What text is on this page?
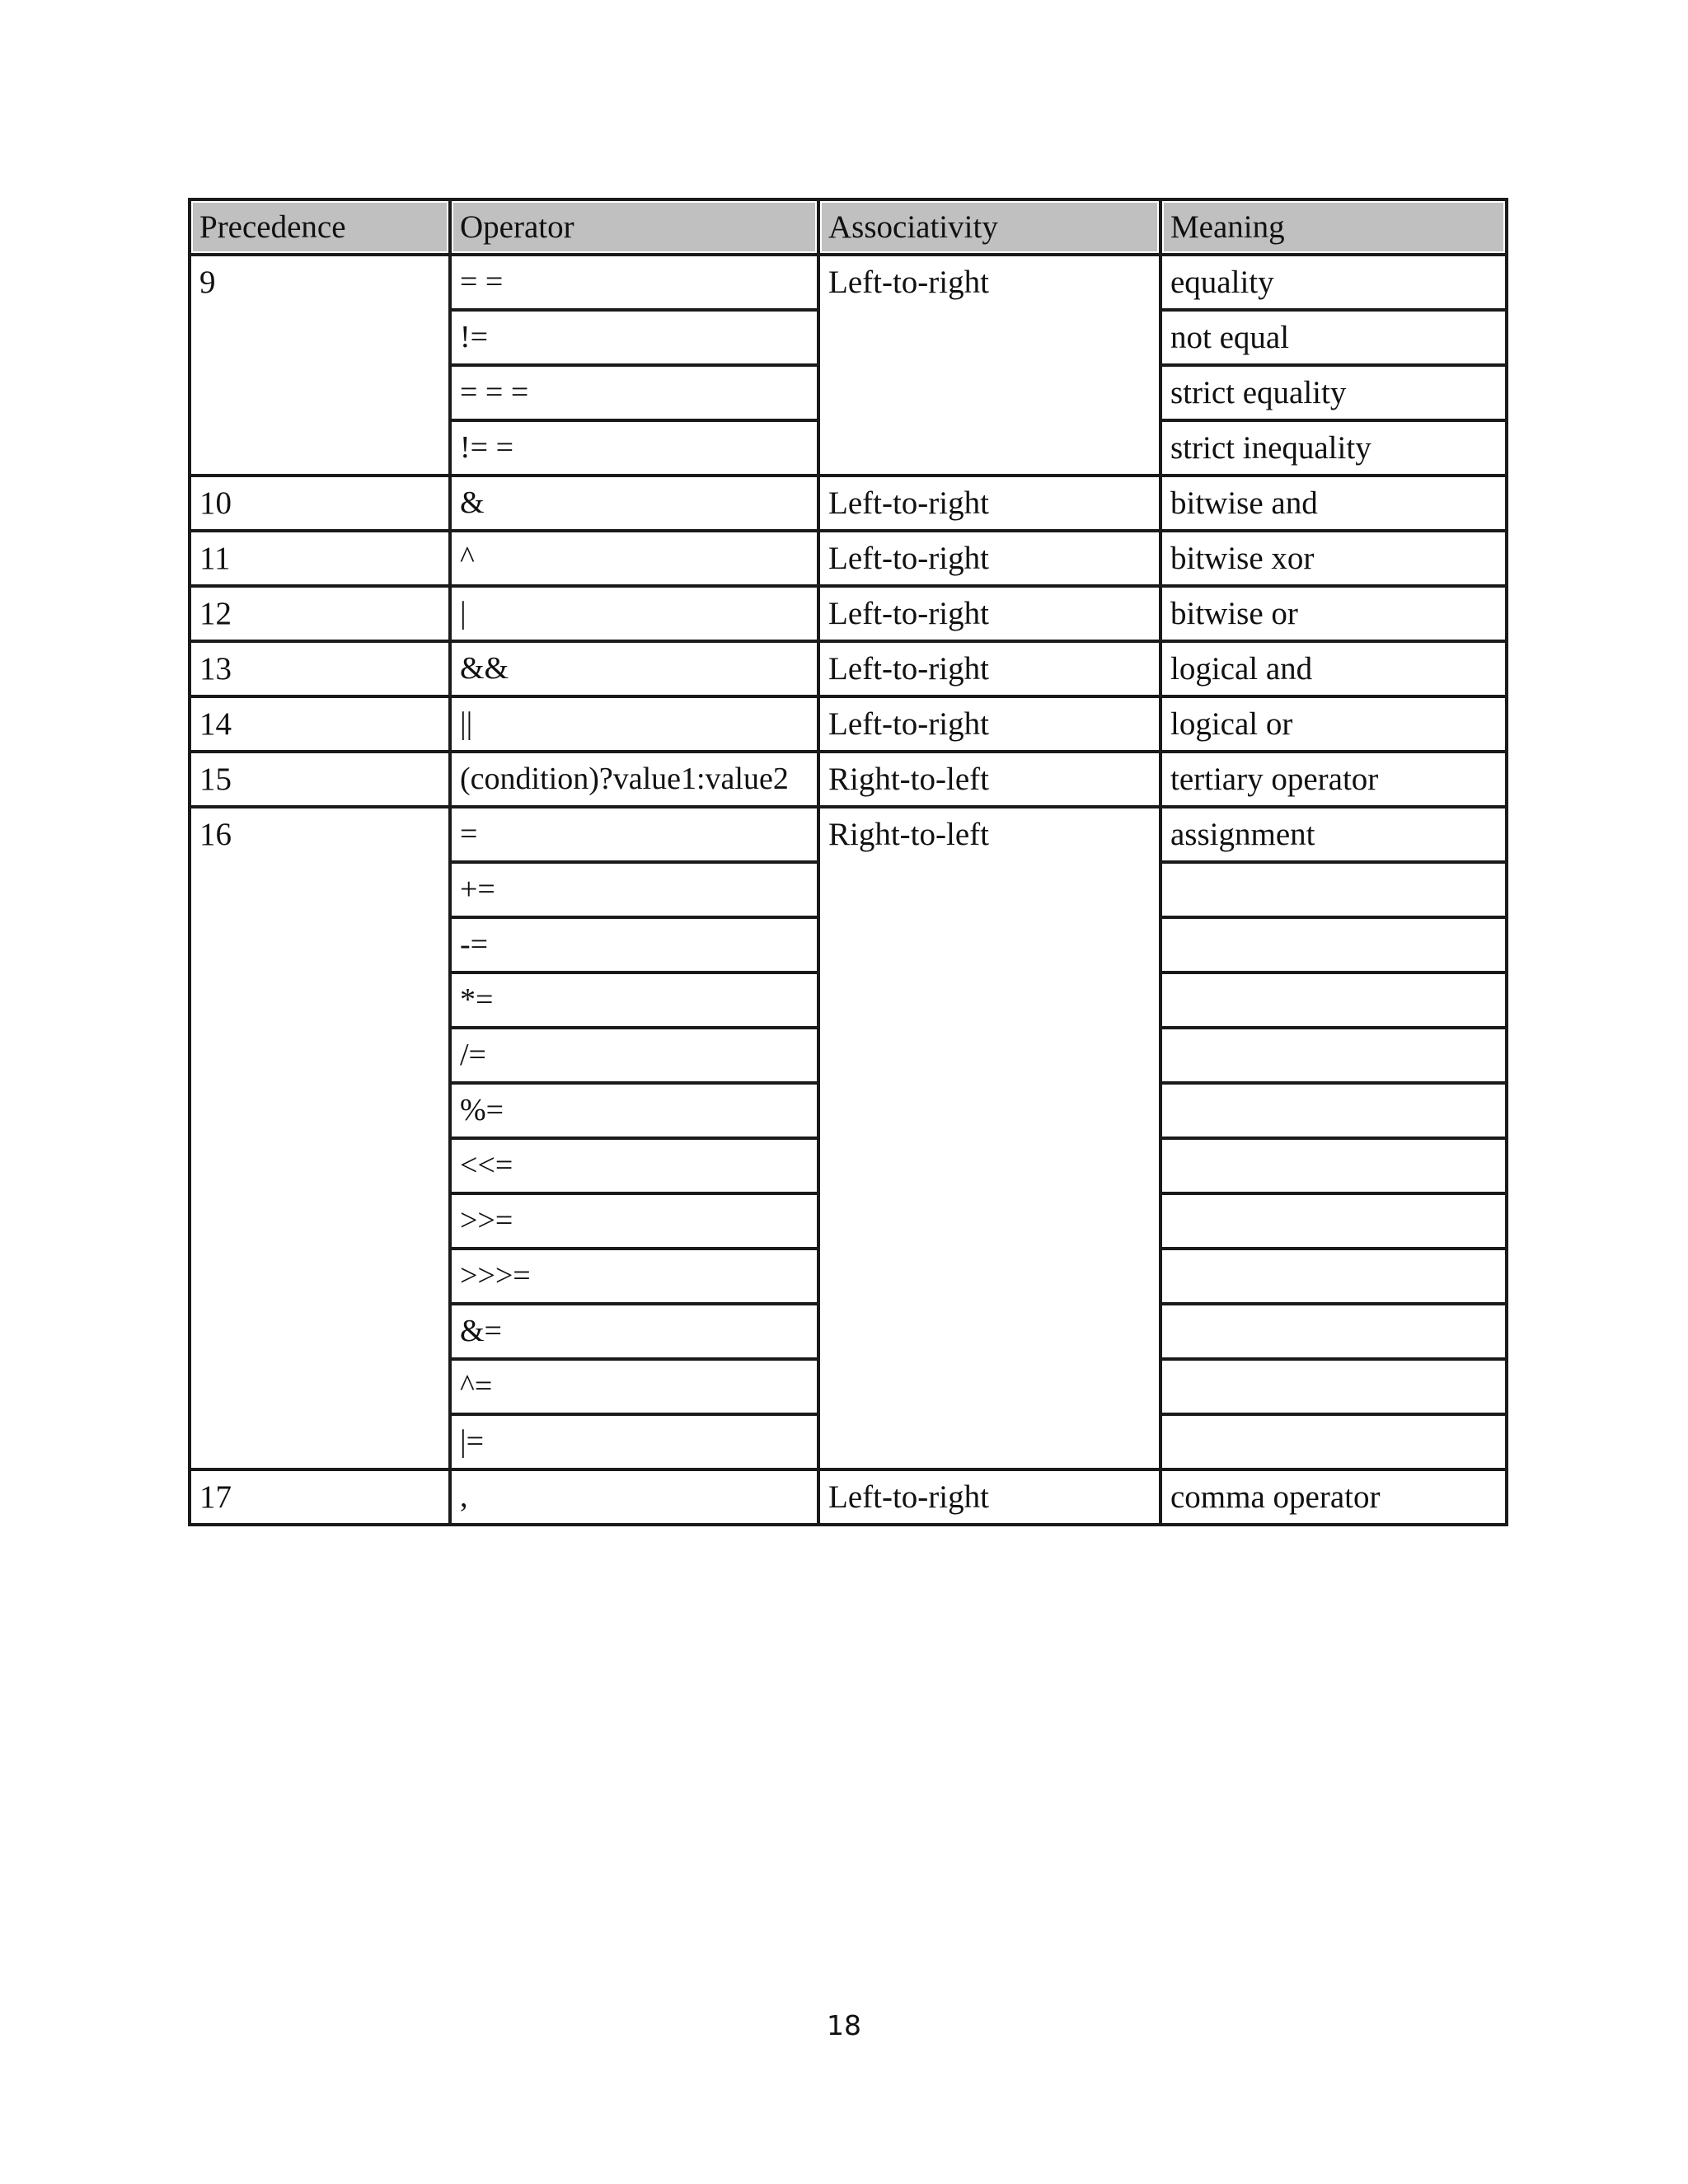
Precedence	Operator	Associativity	Meaning
9	= =	Left-to-right	equality
	!=		not equal
	= = =		strict equality
	!= =		strict inequality
10	&	Left-to-right	bitwise and
11	^	Left-to-right	bitwise xor
12	|	Left-to-right	bitwise or
13	&&	Left-to-right	logical and
14	||	Left-to-right	logical or
15	(condition)?value1:value2	Right-to-left	tertiary operator
16	=	Right-to-left	assignment
	+=		
	-=		
	*=		
	/=		
	%=		
	<<=		
	>>=		
	>>>=		
	&=		
	^=		
	|=		
17	,	Left-to-right	comma operator
18
